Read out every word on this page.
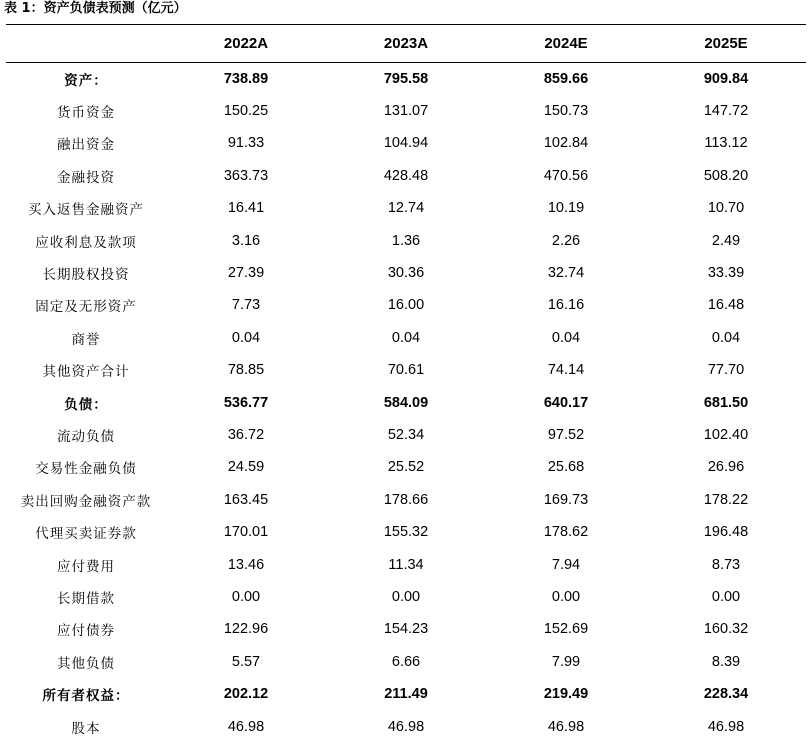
表 1：资产负债表预测（亿元）
	2022A	2023A	2024E	2025E
资产：	738.89	795.58	859.66	909.84
货币资金	150.25	131.07	150.73	147.72
融出资金	91.33	104.94	102.84	113.12
金融投资	363.73	428.48	470.56	508.20
买入返售金融资产	16.41	12.74	10.19	10.70
应收利息及款项	3.16	1.36	2.26	2.49
长期股权投资	27.39	30.36	32.74	33.39
固定及无形资产	7.73	16.00	16.16	16.48
商誉	0.04	0.04	0.04	0.04
其他资产合计	78.85	70.61	74.14	77.70
负债：	536.77	584.09	640.17	681.50
流动负债	36.72	52.34	97.52	102.40
交易性金融负债	24.59	25.52	25.68	26.96
卖出回购金融资产款	163.45	178.66	169.73	178.22
代理买卖证券款	170.01	155.32	178.62	196.48
应付费用	13.46	11.34	7.94	8.73
长期借款	0.00	0.00	0.00	0.00
应付债券	122.96	154.23	152.69	160.32
其他负债	5.57	6.66	7.99	8.39
所有者权益：	202.12	211.49	219.49	228.34
股本	46.98	46.98	46.98	46.98
